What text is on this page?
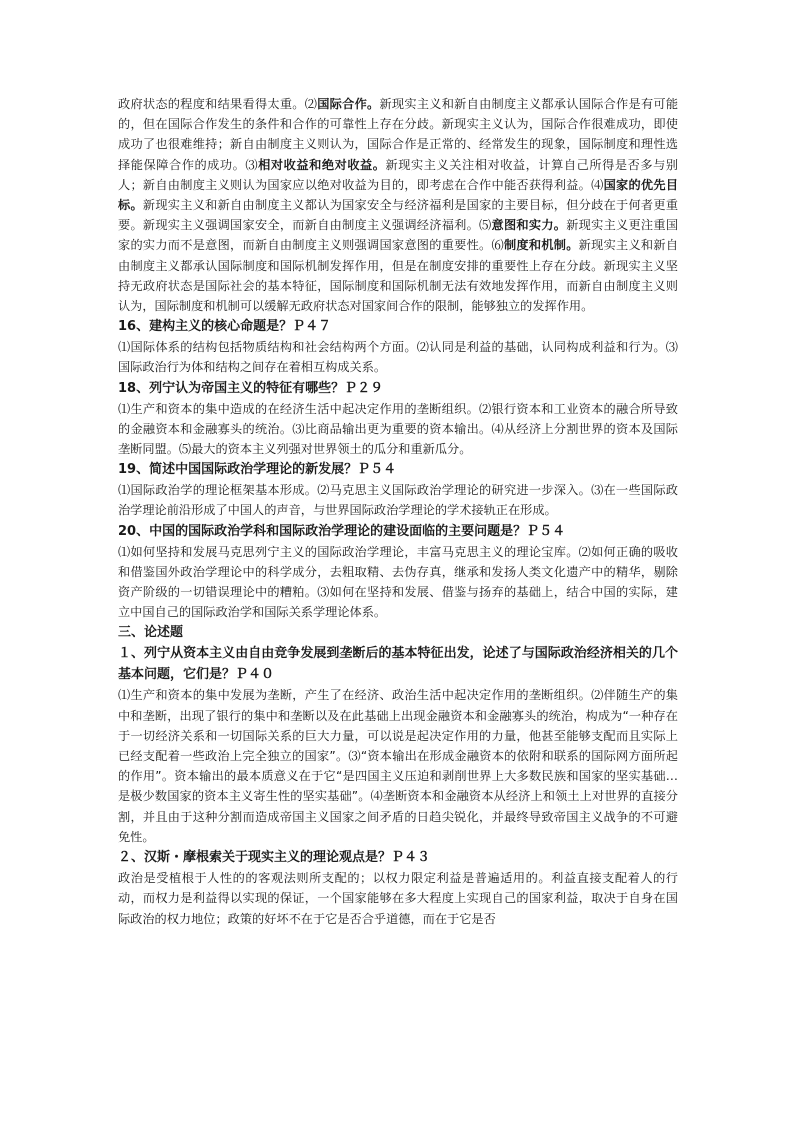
政府状态的程度和结果看得太重。⑵国际合作。新现实主义和新自由制度主义都承认国际合作是有可能的，但在国际合作发生的条件和合作的可靠性上存在分歧。新现实主义认为，国际合作很难成功，即使成功了也很难维持；新自由制度主义则认为，国际合作是正常的、经常发生的现象，国际制度和理性选择能保障合作的成功。⑶相对收益和绝对收益。新现实主义关注相对收益，计算自己所得是否多与别人；新自由制度主义则认为国家应以绝对收益为目的，即考虑在合作中能否获得利益。⑷国家的优先目标。新现实主义和新自由制度主义都认为国家安全与经济福利是国家的主要目标，但分歧在于何者更重要。新现实主义强调国家安全，而新自由制度主义强调经济福利。⑸意图和实力。新现实主义更注重国家的实力而不是意图，而新自由制度主义则强调国家意图的重要性。⑹制度和机制。新现实主义和新自由制度主义都承认国际制度和国际机制发挥作用，但是在制度安排的重要性上存在分歧。新现实主义坚持无政府状态是国际社会的基本特征，国际制度和国际机制无法有效地发挥作用，而新自由制度主义则认为，国际制度和机制可以缓解无政府状态对国家间合作的限制，能够独立的发挥作用。

16、建构主义的核心命题是？Ｐ４７

⑴国际体系的结构包括物质结构和社会结构两个方面。⑵认同是利益的基础，认同构成利益和行为。⑶国际政治行为体和结构之间存在着相互构成关系。

18、列宁认为帝国主义的特征有哪些？Ｐ２９

⑴生产和资本的集中造成的在经济生活中起决定作用的垄断组织。⑵银行资本和工业资本的融合所导致的金融资本和金融寡头的统治。⑶比商品输出更为重要的资本输出。⑷从经济上分割世界的资本及国际垄断同盟。⑸最大的资本主义列强对世界领土的瓜分和重新瓜分。

19、简述中国国际政治学理论的新发展？Ｐ５４

⑴国际政治学的理论框架基本形成。⑵马克思主义国际政治学理论的研究进一步深入。⑶在一些国际政治学理论前沿形成了中国人的声音，与世界国际政治学理论的学术接轨正在形成。

20、中国的国际政治学科和国际政治学理论的建设面临的主要问题是？Ｐ５４

⑴如何坚持和发展马克思列宁主义的国际政治学理论，丰富马克思主义的理论宝库。⑵如何正确的吸收和借鉴国外政治学理论中的科学成分，去粗取精、去伪存真，继承和发扬人类文化遗产中的精华，剔除资产阶级的一切错误理论中的糟粕。⑶如何在坚持和发展、借鉴与扬弃的基础上，结合中国的实际，建立中国自己的国际政治学和国际关系学理论体系。

三、论述题

１、列宁从资本主义由自由竞争发展到垄断后的基本特征出发，论述了与国际政治经济相关的几个基本问题，它们是？Ｐ４０

⑴生产和资本的集中发展为垄断，产生了在经济、政治生活中起决定作用的垄断组织。⑵伴随生产的集中和垄断，出现了银行的集中和垄断以及在此基础上出现金融资本和金融寡头的统治，构成为“一种存在于一切经济关系和一切国际关系的巨大力量，可以说是起决定作用的力量，他甚至能够支配而且实际上已经支配着一些政治上完全独立的国家”。⑶“资本输出在形成金融资本的依附和联系的国际网方面所起的作用”。资本输出的最本质意义在于它“是四国主义压迫和剥削世界上大多数民族和国家的坚实基础…是极少数国家的资本主义寄生性的坚实基础”。⑷垄断资本和金融资本从经济上和领土上对世界的直接分割，并且由于这种分割而造成帝国主义国家之间矛盾的日趋尖锐化，并最终导致帝国主义战争的不可避免性。

２、汉斯・摩根索关于现实主义的理论观点是？Ｐ４３

政治是受植根于人性的的客观法则所支配的；以权力限定利益是普遍适用的。利益直接支配着人的行动，而权力是利益得以实现的保证，一个国家能够在多大程度上实现自己的国家利益，取决于自身在国际政治的权力地位；政策的好坏不在于它是否合乎道德，而在于它是否
